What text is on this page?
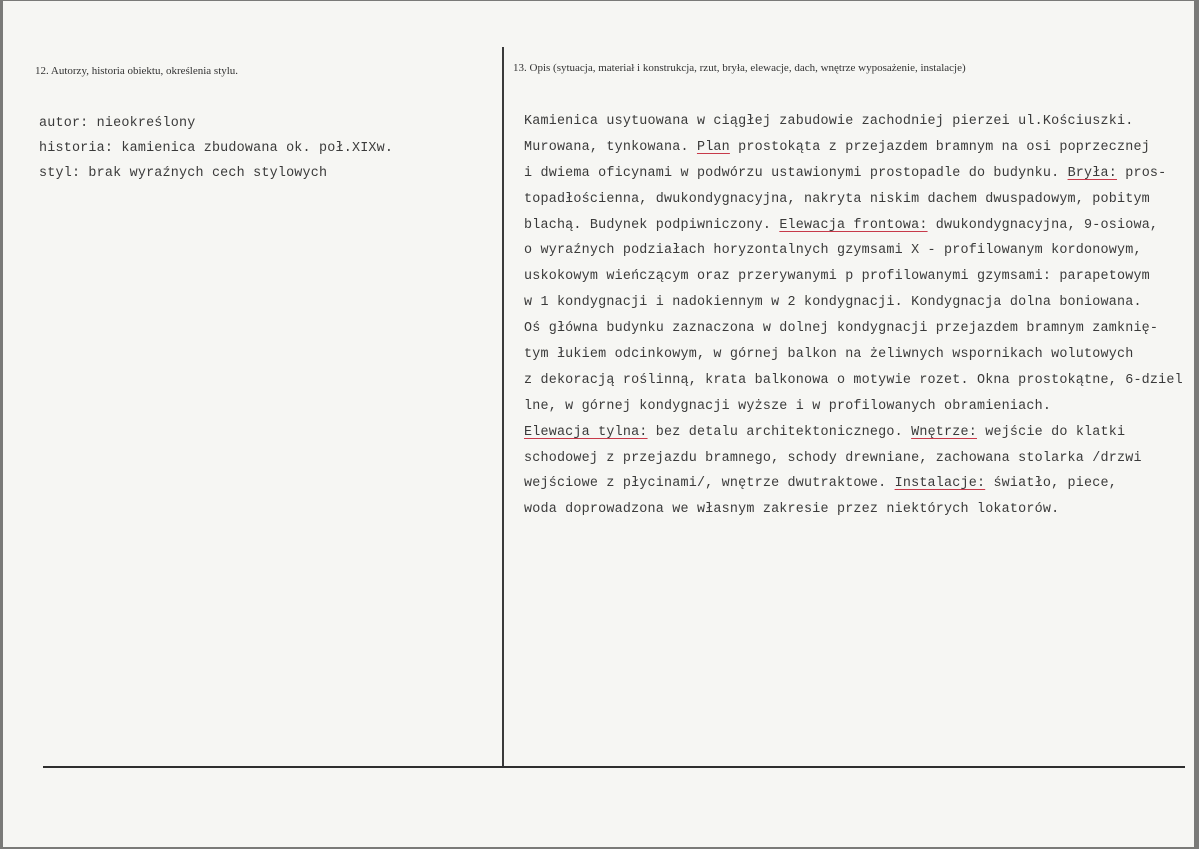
12. Autorzy, historia obiektu, określenia stylu.	13. Opis (sytuacja, materiał i konstrukcja, rzut, bryła, elewacje, dach, wnętrze wyposażenie, instalacje)
autor: nieokreślony
historia: kamienica zbudowana ok. poł.XIXw.
styl: brak wyraźnych cech stylowych
Kamienica usytuowana w ciągłej zabudowie zachodniej pierzei ul.Kościuszki.
Murowana, tynkowana. Plan prostokąta z przejazdem bramnym na osi poprzecznej
i dwiema oficynami w podwórzu ustawionymi prostopadle do budynku. Bryła: pros-
topadłościenna, dwukondygnacyjna, nakryta niskim dachem dwuspadowym, pobitym
blachą. Budynek podpiwniczony. Elewacja frontowa: dwukondygnacyjna, 9-osiowa,
o wyraźnych podziałach horyzontalnych gzymsami X - profilowanym kordonowym,
uskokowym wieńczącym oraz przerywanymi p profilowanymi gzymsami: parapetowym
w 1 kondygnacji i nadokiennym w 2 kondygnacji. Kondygnacja dolna boniowana.
Oś główna budynku zaznaczona w dolnej kondygnacji przejazdem bramnym zamknię-
tym łukiem odcinkowym, w górnej balkon na żeliwnych wspornikach wolutowych
z dekoracją roślinną, krata balkonowa o motywie rozet. Okna prostokątne, 6-dziel
lne, w górnej kondygnacji wyższe i w profilowanych obramieniach.
Elewacja tylna: bez detalu architektonicznego. Wnętrze: wejście do klatki
schodowej z przejazdu bramnego, schody drewniane, zachowana stolarka /drzwi
wejściowe z płycinami/, wnętrze dwutraktowe. Instalacje: światło, piece,
woda doprowadzona we własnym zakresie przez niektórych lokatorów.
